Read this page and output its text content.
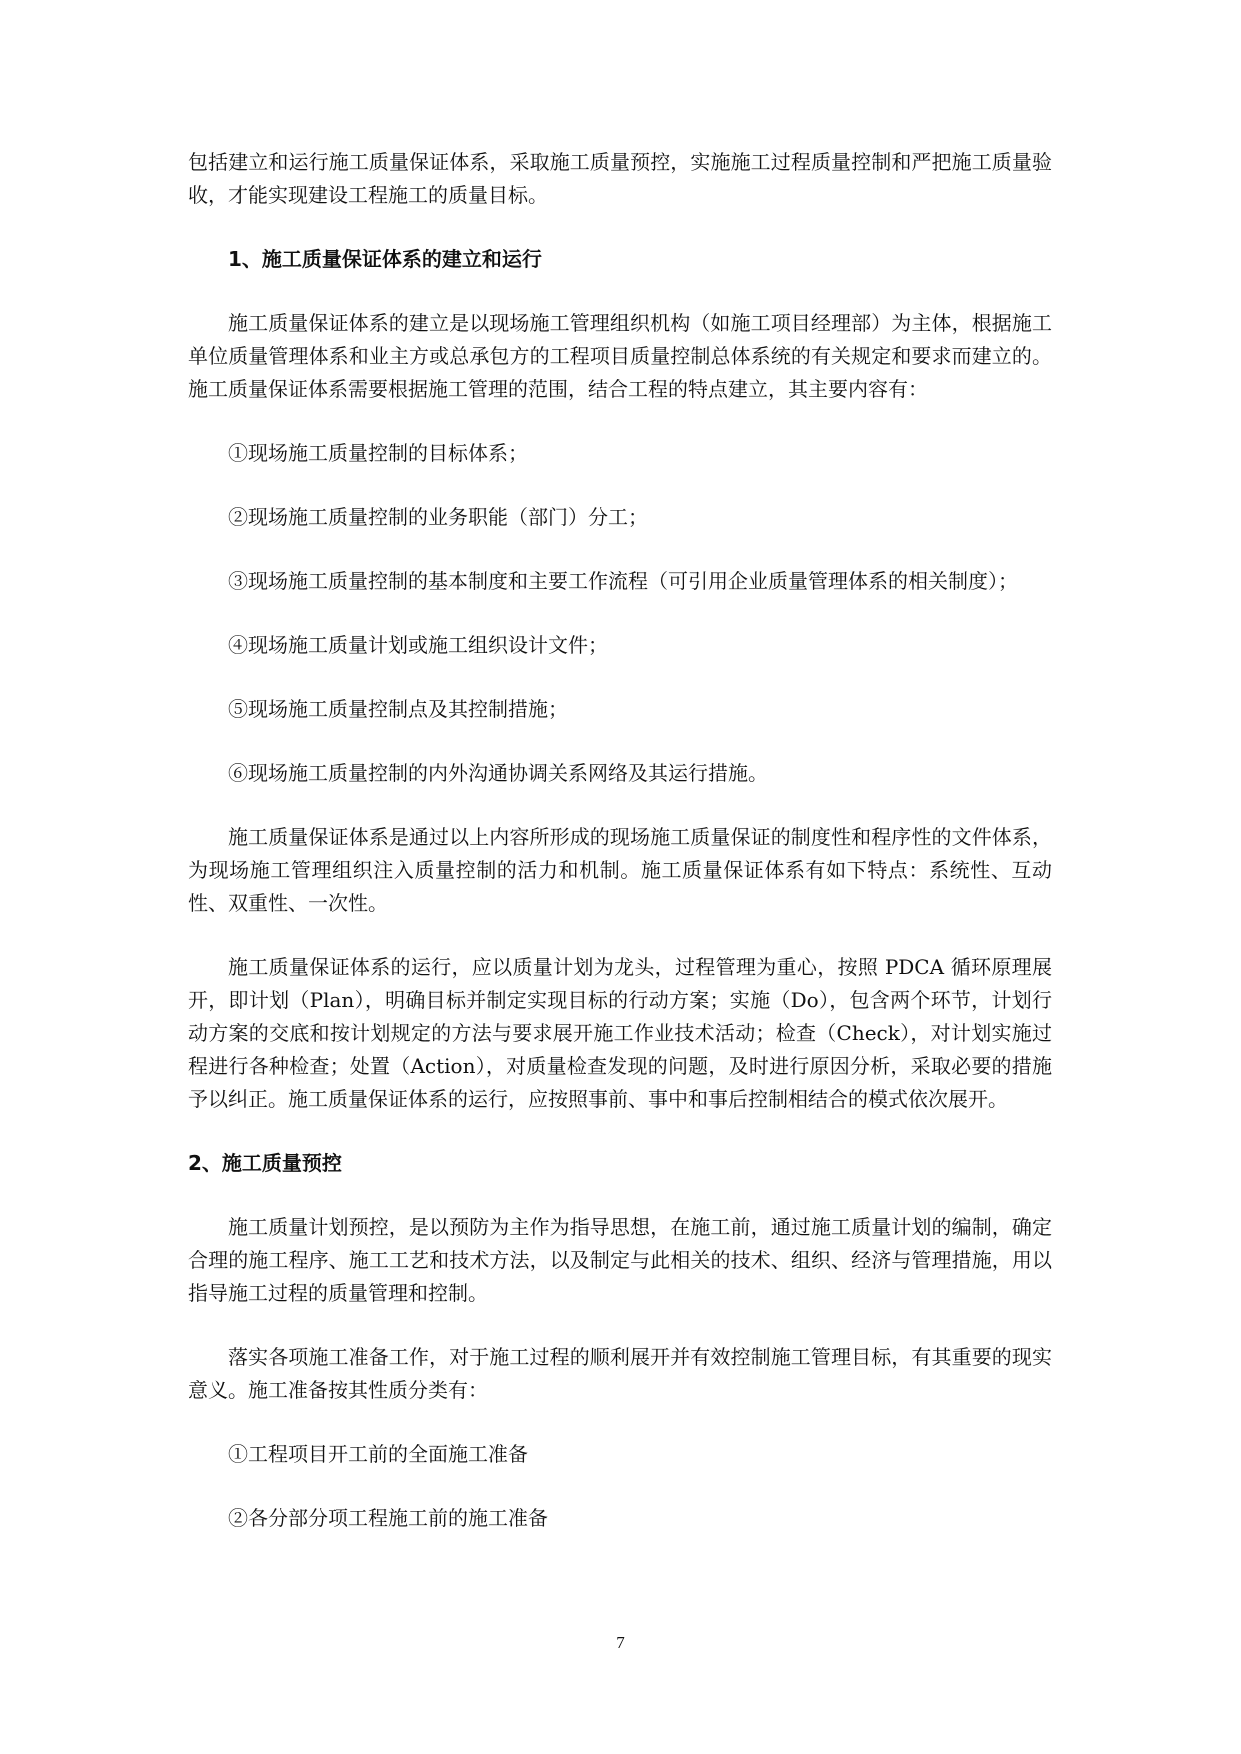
包括建立和运行施工质量保证体系，采取施工质量预控，实施施工过程质量控制和严把施工质量验收，才能实现建设工程施工的质量目标。

1、施工质量保证体系的建立和运行

施工质量保证体系的建立是以现场施工管理组织机构（如施工项目经理部）为主体，根据施工单位质量管理体系和业主方或总承包方的工程项目质量控制总体系统的有关规定和要求而建立的。施工质量保证体系需要根据施工管理的范围，结合工程的特点建立，其主要内容有：

①现场施工质量控制的目标体系；

②现场施工质量控制的业务职能（部门）分工；

③现场施工质量控制的基本制度和主要工作流程（可引用企业质量管理体系的相关制度）；

④现场施工质量计划或施工组织设计文件；

⑤现场施工质量控制点及其控制措施；

⑥现场施工质量控制的内外沟通协调关系网络及其运行措施。

施工质量保证体系是通过以上内容所形成的现场施工质量保证的制度性和程序性的文件体系，为现场施工管理组织注入质量控制的活力和机制。施工质量保证体系有如下特点：系统性、互动性、双重性、一次性。

施工质量保证体系的运行，应以质量计划为龙头，过程管理为重心，按照 PDCA 循环原理展开，即计划（Plan），明确目标并制定实现目标的行动方案；实施（Do），包含两个环节，计划行动方案的交底和按计划规定的方法与要求展开施工作业技术活动；检查（Check），对计划实施过程进行各种检查；处置（Action），对质量检查发现的问题，及时进行原因分析，采取必要的措施予以纠正。施工质量保证体系的运行，应按照事前、事中和事后控制相结合的模式依次展开。

2、施工质量预控

施工质量计划预控，是以预防为主作为指导思想，在施工前，通过施工质量计划的编制，确定合理的施工程序、施工工艺和技术方法，以及制定与此相关的技术、组织、经济与管理措施，用以指导施工过程的质量管理和控制。

落实各项施工准备工作，对于施工过程的顺利展开并有效控制施工管理目标，有其重要的现实意义。施工准备按其性质分类有：

①工程项目开工前的全面施工准备

②各分部分项工程施工前的施工准备

7
